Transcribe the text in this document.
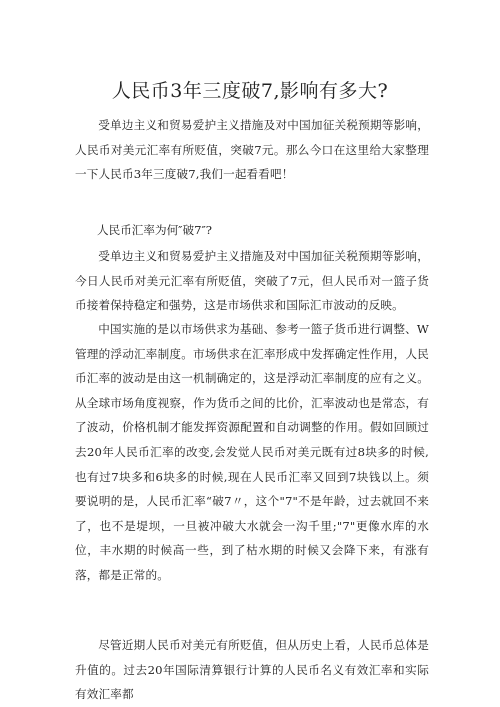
人民币3年三度破7,影响有多大?

受单边主义和贸易爱护主义措施及对中国加征关税预期等影响，人民币对美元汇率有所贬值，突破7元。那么今口在这里给大家整理一下人民币3年三度破7,我们一起看看吧！

人民币汇率为何″破7″?

受单边主义和贸易爱护主义措施及对中国加征关税预期等影响，今日人民币对美元汇率有所贬值，突破了7元，但人民币对一篮子货币接着保持稳定和强势，这是市场供求和国际汇市波动的反映。

中国实施的是以市场供求为基础、参考一篮子货币进行调整、W管理的浮动汇率制度。市场供求在汇率形成中发挥确定性作用，人民币汇率的波动是由这一机制确定的，这是浮动汇率制度的应有之义。从全球市场角度视察，作为货币之间的比价，汇率波动也是常态，有了波动，价格机制才能发挥资源配置和自动调整的作用。假如回顾过去20年人民币汇率的改变,会发觉人民币对美元既有过8块多的时候,也有过7块多和6块多的时候,现在人民币汇率又回到7块钱以上。须要说明的是，人民币汇率“破7〃，这个"7"不是年龄，过去就回不来了，也不是堤坝，一旦被冲破大水就会一沟千里;"7"更像水库的水位，丰水期的时候高一些，到了枯水期的时候又会降下来，有涨有落，都是正常的。

尽管近期人民币对美元有所贬值，但从历史上看，人民币总体是升值的。过去20年国际清算银行计算的人民币名义有效汇率和实际有效汇率都
